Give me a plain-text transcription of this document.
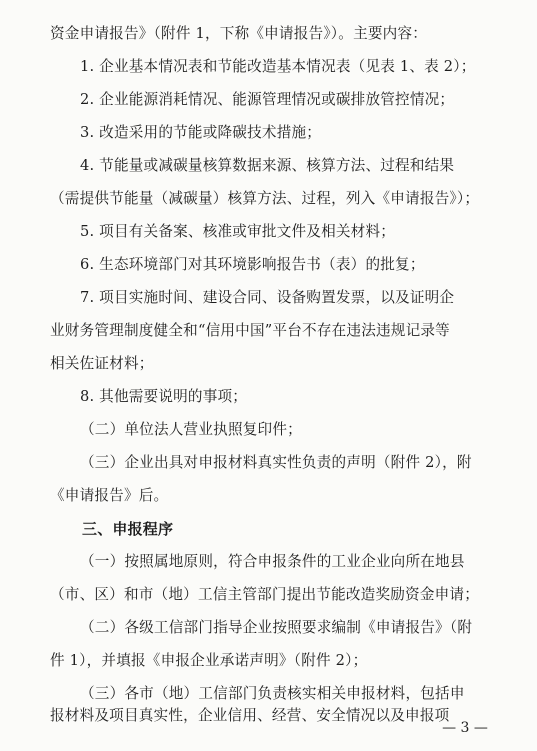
资金申请报告》（附件 1，下称《申请报告》）。主要内容：
1. 企业基本情况表和节能改造基本情况表（见表 1、表 2）；
2. 企业能源消耗情况、能源管理情况或碳排放管控情况；
3. 改造采用的节能或降碳技术措施；
4. 节能量或减碳量核算数据来源、核算方法、过程和结果
（需提供节能量（减碳量）核算方法、过程，列入《申请报告》）；
5. 项目有关备案、核准或审批文件及相关材料；
6. 生态环境部门对其环境影响报告书（表）的批复；
7. 项目实施时间、建设合同、设备购置发票，以及证明企
业财务管理制度健全和“信用中国”平台不存在违法违规记录等
相关佐证材料；
8. 其他需要说明的事项；
（二）单位法人营业执照复印件；
（三）企业出具对申报材料真实性负责的声明（附件 2），附
《申请报告》后。
三、申报程序
（一）按照属地原则，符合申报条件的工业企业向所在地县
（市、区）和市（地）工信主管部门提出节能改造奖励资金申请；
（二）各级工信部门指导企业按照要求编制《申请报告》（附
件 1），并填报《申报企业承诺声明》（附件 2）；
（三）各市（地）工信部门负责核实相关申报材料，包括申
报材料及项目真实性，企业信用、经营、安全情况以及申报项
— 3 —
